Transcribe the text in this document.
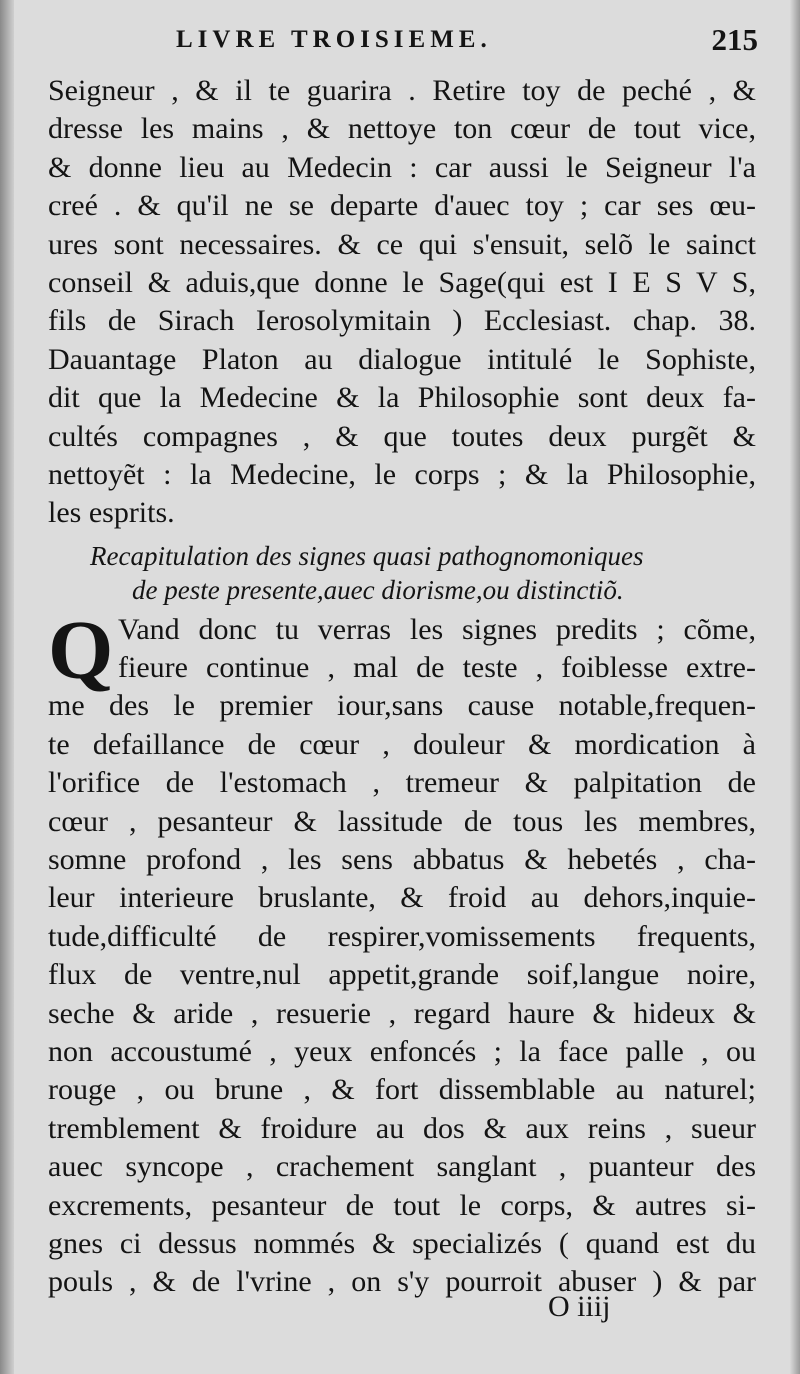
LIVRE TROISIEME.	215
Seigneur , & il te guarira . Retire toy de peché , &
dresse les mains , & nettoye ton cœur de tout vice,
& donne lieu au Medecin : car aussi le Seigneur l'a
creé . & qu'il ne se departe d'auec toy ; car ses œu-
ures sont necessaires. & ce qui s'ensuit, selõ le sainct
conseil & aduis,que donne le Sage(qui est I E S V S,
fils de Sirach Ierosolymitain ) Ecclesiast. chap. 38.
Dauantage Platon au dialogue intitulé le Sophiste,
dit que la Medecine & la Philosophie sont deux fa-
cultés compagnes , & que toutes deux purgẽt &
nettoyẽt : la Medecine, le corps ; & la Philosophie,
les esprits.
Recapitulation des signes quasi pathognomoniques
de peste presente,auec diorisme,ou distinctiõ.
Q Vand donc tu verras les signes predits ; cõme,
fieure continue , mal de teste , foiblesse extre-
me des le premier iour,sans cause notable,frequen-
te defaillance de cœur , douleur & mordication à
l'orifice de l'estomach , tremeur & palpitation de
cœur , pesanteur & lassitude de tous les membres,
somne profond , les sens abbatus & hebetés , cha-
leur interieure bruslante, & froid au dehors,inquie-
tude,difficulté de respirer,vomissements frequents,
flux de ventre,nul appetit,grande soif,langue noire,
seche & aride , resuerie , regard haure & hideux &
non accoustumé , yeux enfoncés ; la face palle , ou
rouge , ou brune , & fort dissemblable au naturel;
tremblement & froidure au dos & aux reins , sueur
auec syncope , crachement sanglant , puanteur des
excrements, pesanteur de tout le corps, & autres si-
gnes ci dessus nommés & specializés ( quand est du
pouls , & de l'vrine , on s'y pourroit abuser ) & par
O iiij
